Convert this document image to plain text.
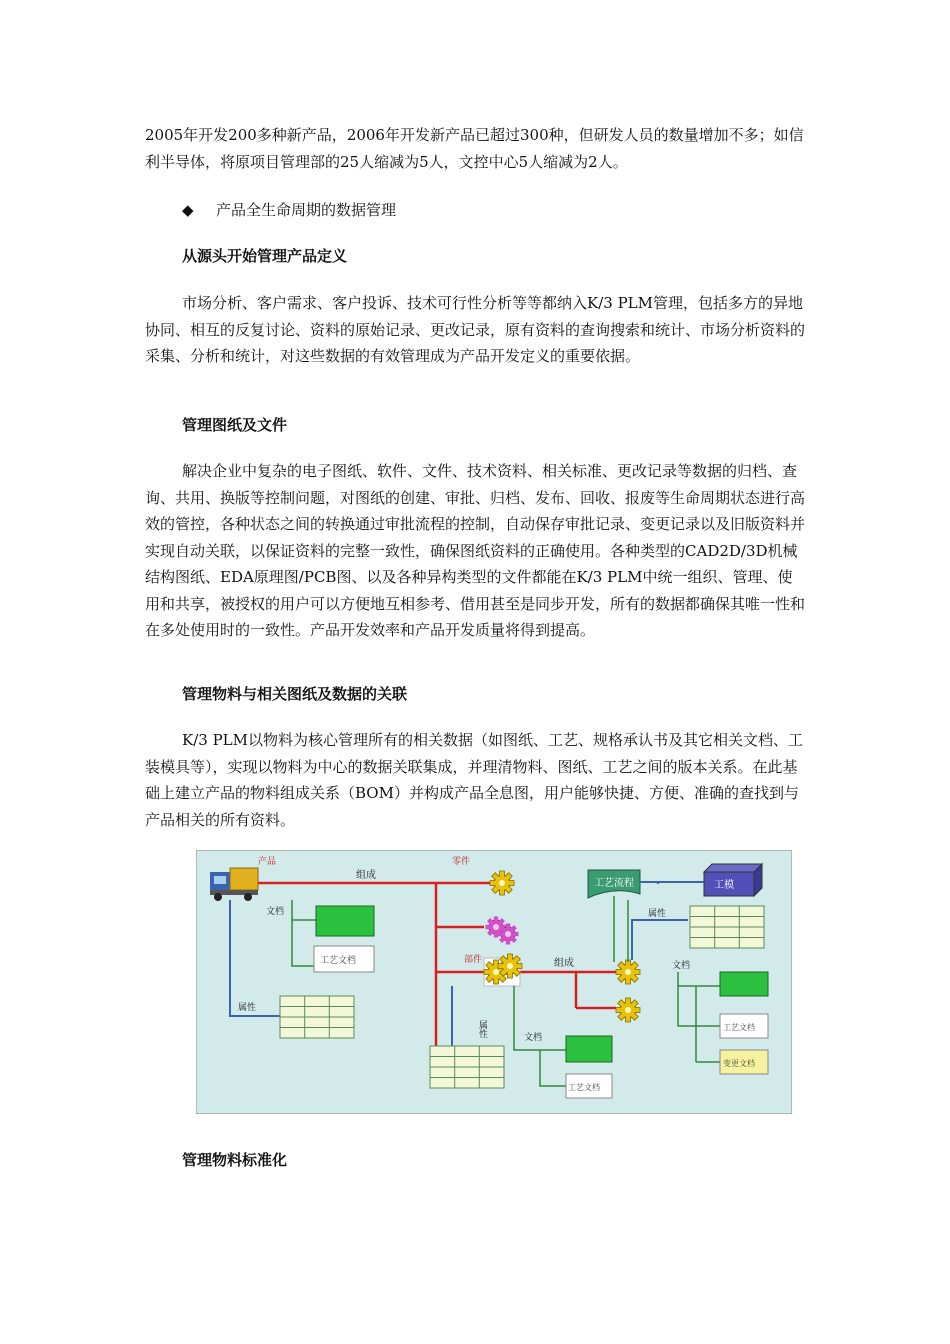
2005年开发200多种新产品，2006年开发新产品已超过300种，但研发人员的数量增加不多；如信利半导体，将原项目管理部的25人缩减为5人，文控中心5人缩减为2人。

◆ 产品全生命周期的数据管理

从源头开始管理产品定义

市场分析、客户需求、客户投诉、技术可行性分析等等都纳入K/3 PLM管理，包括多方的异地协同、相互的反复讨论、资料的原始记录、更改记录，原有资料的查询搜索和统计、市场分析资料的采集、分析和统计，对这些数据的有效管理成为产品开发定义的重要依据。

管理图纸及文件

解决企业中复杂的电子图纸、软件、文件、技术资料、相关标准、更改记录等数据的归档、查询、共用、换版等控制问题，对图纸的创建、审批、归档、发布、回收、报废等生命周期状态进行高效的管控，各种状态之间的转换通过审批流程的控制，自动保存审批记录、变更记录以及旧版资料并实现自动关联，以保证资料的完整一致性，确保图纸资料的正确使用。各种类型的CAD2D/3D机械结构图纸、EDA原理图/PCB图、以及各种异构类型的文件都能在K/3 PLM中统一组织、管理、使用和共享，被授权的用户可以方便地互相参考、借用甚至是同步开发，所有的数据都确保其唯一性和在多处使用时的一致性。产品开发效率和产品开发质量将得到提高。

管理物料与相关图纸及数据的关联

K/3 PLM以物料为核心管理所有的相关数据（如图纸、工艺、规格承认书及其它相关文档、工装模具等），实现以物料为中心的数据关联集成，并理清物料、图纸、工艺之间的版本关系。在此基础上建立产品的物料组成关系（BOM）并构成产品全息图，用户能够快捷、方便、准确的查找到与产品相关的所有资料。

产品	零件
部件
组成
组成
文档
文档
文档
工艺文档
工艺文档
工艺文档
变更文档
属性
属性
属性
工艺流程	工模

管理物料标准化
